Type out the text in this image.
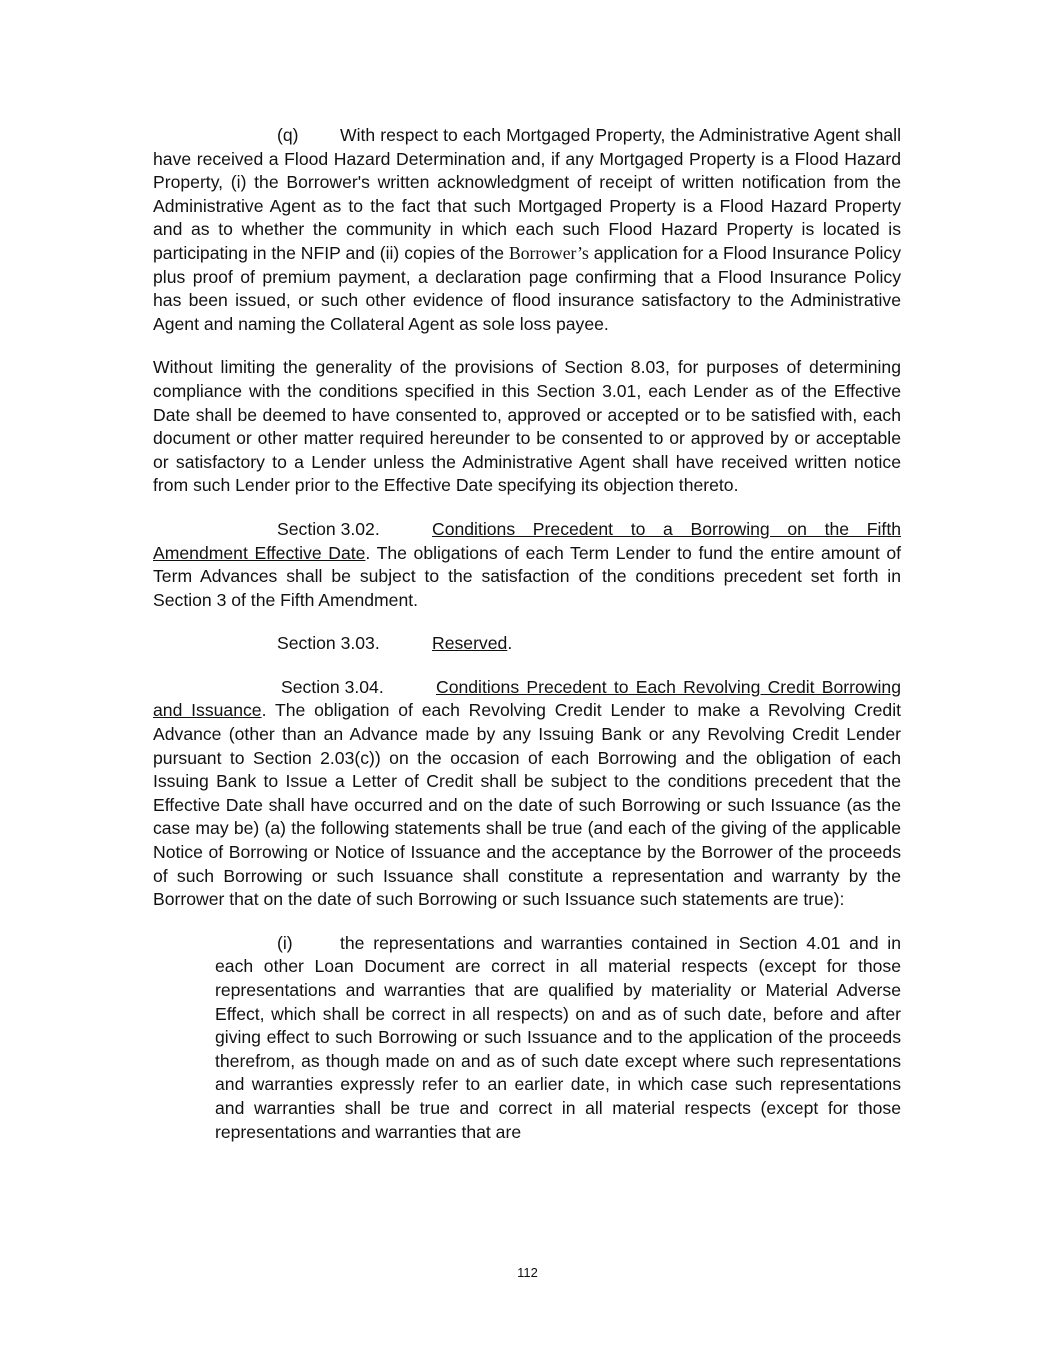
(q) With respect to each Mortgaged Property, the Administrative Agent shall have received a Flood Hazard Determination and, if any Mortgaged Property is a Flood Hazard Property, (i) the Borrower's written acknowledgment of receipt of written notification from the Administrative Agent as to the fact that such Mortgaged Property is a Flood Hazard Property and as to whether the community in which each such Flood Hazard Property is located is participating in the NFIP and (ii) copies of the Borrower’s application for a Flood Insurance Policy plus proof of premium payment, a declaration page confirming that a Flood Insurance Policy has been issued, or such other evidence of flood insurance satisfactory to the Administrative Agent and naming the Collateral Agent as sole loss payee.

Without limiting the generality of the provisions of Section 8.03, for purposes of determining compliance with the conditions specified in this Section 3.01, each Lender as of the Effective Date shall be deemed to have consented to, approved or accepted or to be satisfied with, each document or other matter required hereunder to be consented to or approved by or acceptable or satisfactory to a Lender unless the Administrative Agent shall have received written notice from such Lender prior to the Effective Date specifying its objection thereto.

Section 3.02.	Conditions Precedent to a Borrowing on the Fifth Amendment Effective Date. The obligations of each Term Lender to fund the entire amount of Term Advances shall be subject to the satisfaction of the conditions precedent set forth in Section 3 of the Fifth Amendment.

Section 3.03.	Reserved.

Section 3.04.	Conditions Precedent to Each Revolving Credit Borrowing and Issuance. The obligation of each Revolving Credit Lender to make a Revolving Credit Advance (other than an Advance made by any Issuing Bank or any Revolving Credit Lender pursuant to Section 2.03(c)) on the occasion of each Borrowing and the obligation of each Issuing Bank to Issue a Letter of Credit shall be subject to the conditions precedent that the Effective Date shall have occurred and on the date of such Borrowing or such Issuance (as the case may be) (a) the following statements shall be true (and each of the giving of the applicable Notice of Borrowing or Notice of Issuance and the acceptance by the Borrower of the proceeds of such Borrowing or such Issuance shall constitute a representation and warranty by the Borrower that on the date of such Borrowing or such Issuance such statements are true):

(i)	the representations and warranties contained in Section 4.01 and in each other Loan Document are correct in all material respects (except for those representations and warranties that are qualified by materiality or Material Adverse Effect, which shall be correct in all respects) on and as of such date, before and after giving effect to such Borrowing or such Issuance and to the application of the proceeds therefrom, as though made on and as of such date except where such representations and warranties expressly refer to an earlier date, in which case such representations and warranties shall be true and correct in all material respects (except for those representations and warranties that are

112
